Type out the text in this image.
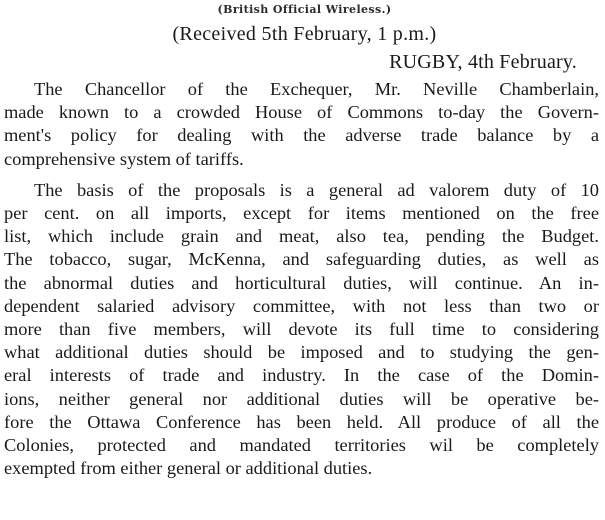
(British Official Wireless.)
(Received 5th February, 1 p.m.)
RUGBY, 4th February.
The Chancellor of the Exchequer, Mr. Neville Chamberlain,
made known to a crowded House of Commons to-day the Govern-
ment's policy for dealing with the adverse trade balance by a
comprehensive system of tariffs.
The basis of the proposals is a general ad valorem duty of 10
per cent. on all imports, except for items mentioned on the free
list, which include grain and meat, also tea, pending the Budget.
The tobacco, sugar, McKenna, and safeguarding duties, as well as
the abnormal duties and horticultural duties, will continue. An in-
dependent salaried advisory committee, with not less than two or
more than five members, will devote its full time to considering
what additional duties should be imposed and to studying the gen-
eral interests of trade and industry. In the case of the Domin-
ions, neither general nor additional duties will be operative be-
fore the Ottawa Conference has been held. All produce of all the
Colonies, protected and mandated territories wil be completely
exempted from either general or additional duties.
